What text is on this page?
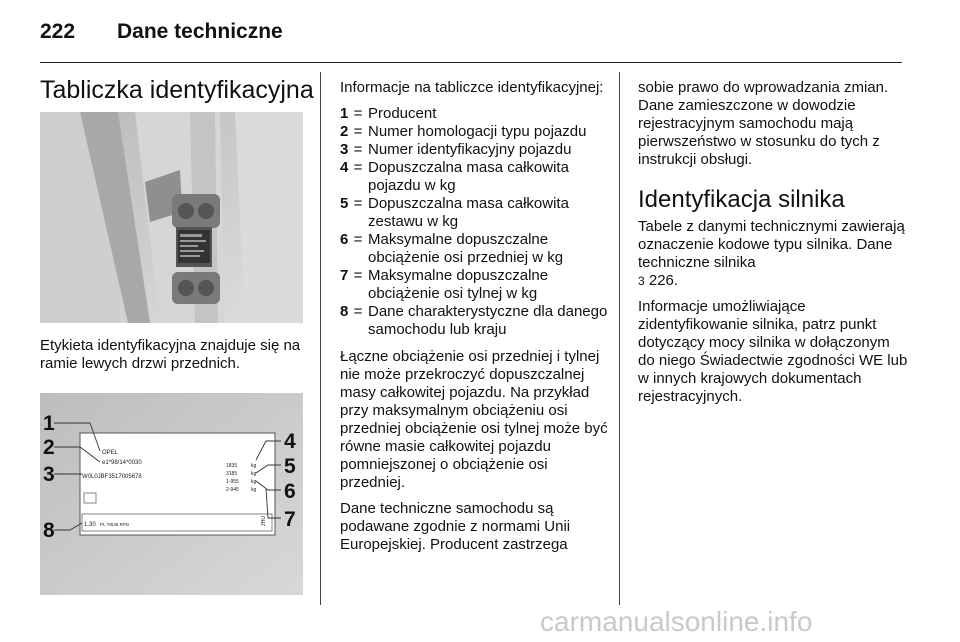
222 Dane techniczne
Tabliczka identyfikacyjna
Etykieta identyfikacyjna znajduje się na ramie lewych drzwi przednich.
OPEL
e1*98/14*0030
W0L0JBF3517005678
1835
3185
1-955
2-945
kg
kg
kg
kg
1.30 PL *0535 RPD	2HU
1
2
3
4
5
6
7
8

Informacje na tabliczce identyfikacyjnej:

1 = Producent
2 = Numer homologacji typu pojazdu
3 = Numer identyfikacyjny pojazdu
4 = Dopuszczalna masa całkowita pojazdu w kg
5 = Dopuszczalna masa całkowita zestawu w kg
6 = Maksymalne dopuszczalne obciążenie osi przedniej w kg
7 = Maksymalne dopuszczalne obciążenie osi tylnej w kg
8 = Dane charakterystyczne dla danego samochodu lub kraju

Łączne obciążenie osi przedniej i tylnej nie może przekroczyć dopuszczalnej masy całkowitej pojazdu. Na przykład przy maksymalnym obciążeniu osi przedniej obciążenie osi tylnej może być równe masie całkowitej pojazdu pomniejszonej o obciążenie osi przedniej.

Dane techniczne samochodu są podawane zgodnie z normami Unii Europejskiej. Producent zastrzega

sobie prawo do wprowadzania zmian. Dane zamieszczone w dowodzie rejestracyjnym samochodu mają pierwszeństwo w stosunku do tych z instrukcji obsługi.

Identyfikacja silnika

Tabele z danymi technicznymi zawierają oznaczenie kodowe typu silnika. Dane techniczne silnika
3 226.

Informacje umożliwiające zidentyfikowanie silnika, patrz punkt dotyczący mocy silnika w dołączonym do niego Świadectwie zgodności WE lub w innych krajowych dokumentach rejestracyjnych.

carmanualsonline.info
